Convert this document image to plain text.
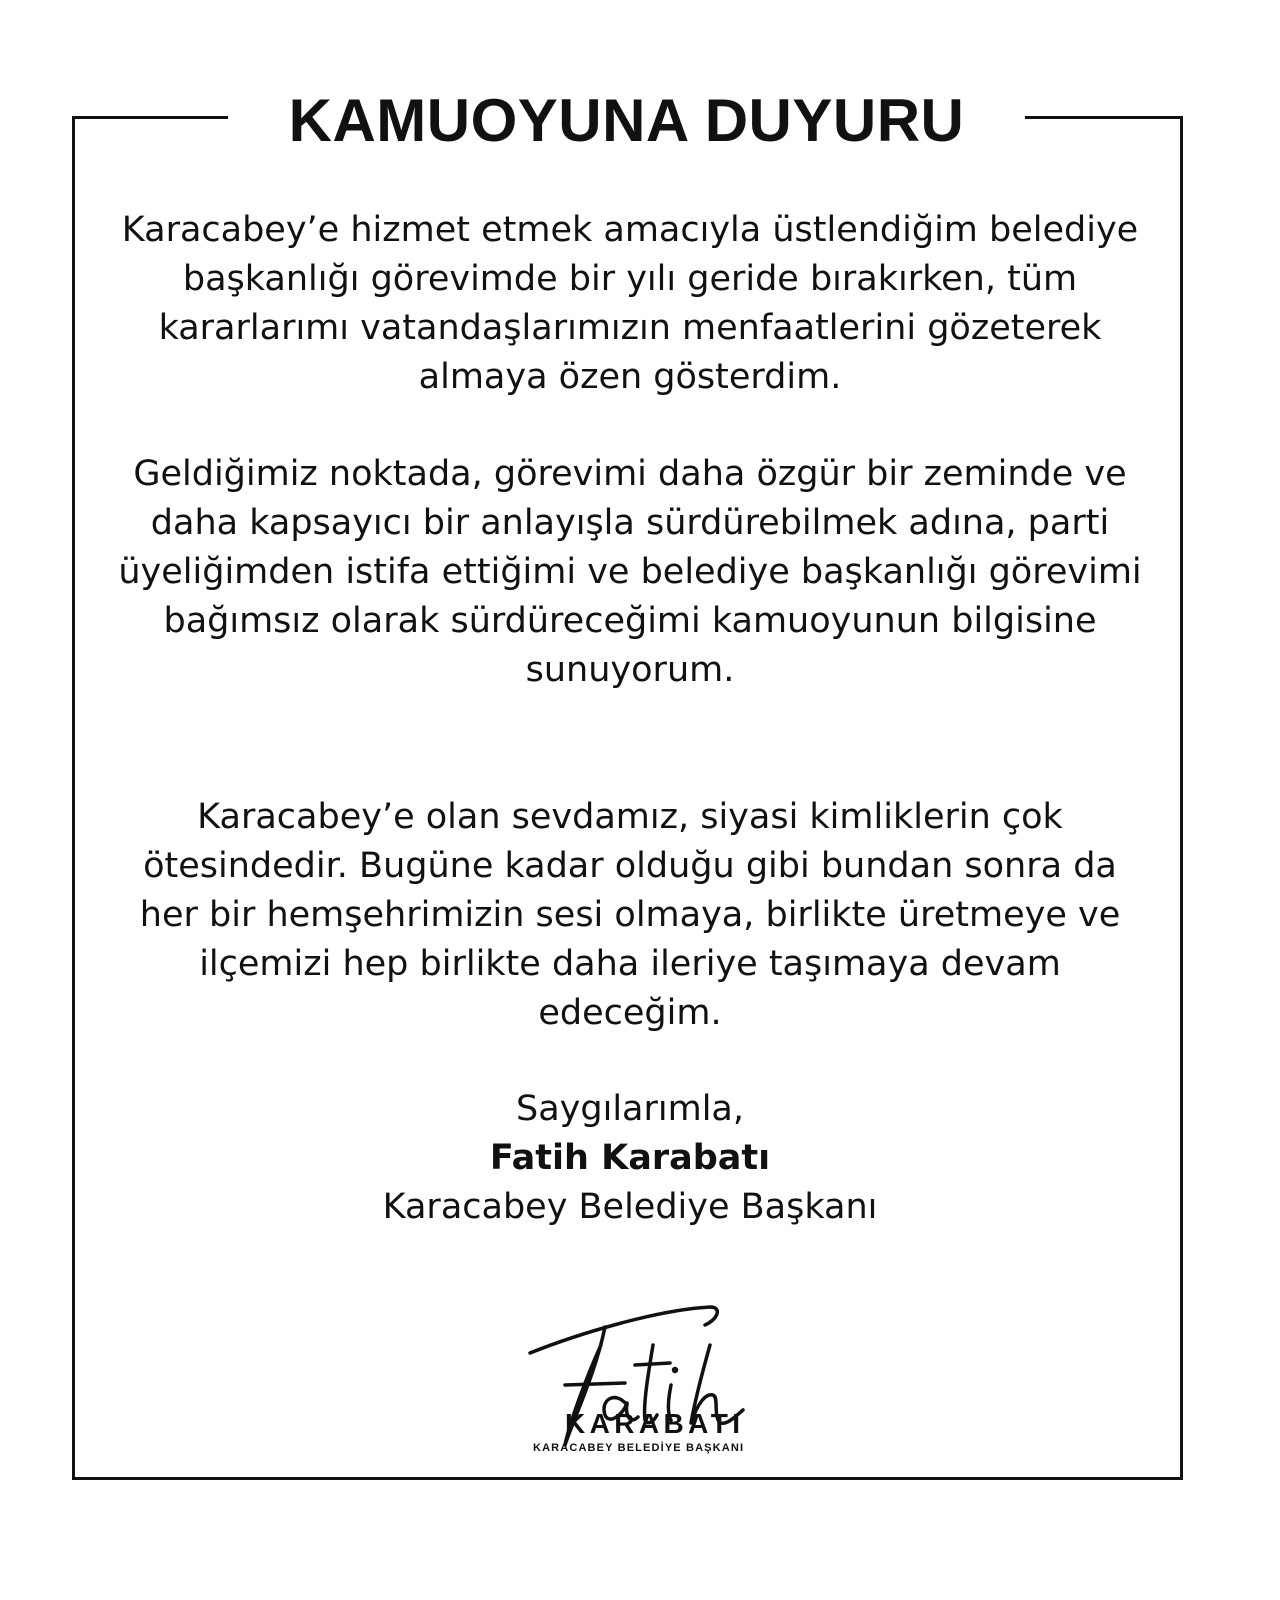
KAMUOYUNA DUYURU

Karacabey’e hizmet etmek amacıyla üstlendiğim belediye başkanlığı görevimde bir yılı geride bırakırken, tüm kararlarımı vatandaşlarımızın menfaatlerini gözeterek almaya özen gösterdim.

Geldiğimiz noktada, görevimi daha özgür bir zeminde ve daha kapsayıcı bir anlayışla sürdürebilmek adına, parti üyeliğimden istifa ettiğimi ve belediye başkanlığı görevimi bağımsız olarak sürdüreceğimi kamuoyunun bilgisine sunuyorum.

Karacabey’e olan sevdamız, siyasi kimliklerin çok ötesindedir. Bugüne kadar olduğu gibi bundan sonra da her bir hemşehrimizin sesi olmaya, birlikte üretmeye ve ilçemizi hep birlikte daha ileriye taşımaya devam edeceğim.

Saygılarımla,
Fatih Karabatı
Karacabey Belediye Başkanı
KARABATI
KARACABEY BELEDİYE BAŞKANI
